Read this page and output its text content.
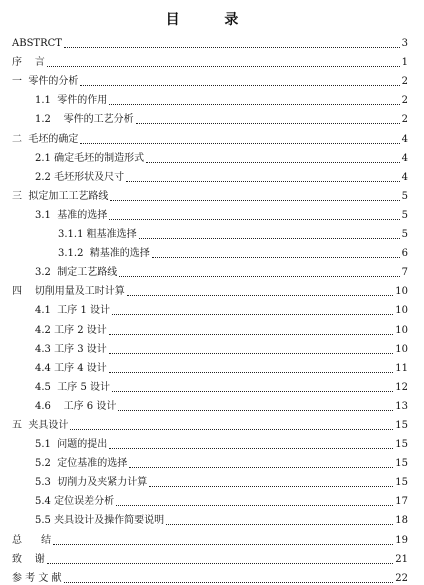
目 录
ABSTRCT	3
序    言	1
一  零件的分析	2
1.1  零件的作用	2
1.2    零件的工艺分析	2
二  毛坯的确定	4
2.1 确定毛坯的制造形式	4
2.2 毛坯形状及尺寸	4
三  拟定加工工艺路线	5
3.1  基准的选择	5
3.1.1 粗基准选择	5
3.1.2  精基准的选择	6
3.2  制定工艺路线	7
四    切削用量及工时计算	10
4.1  工序 1 设计	10
4.2 工序 2 设计	10
4.3 工序 3 设计	10
4.4 工序 4 设计	11
4.5  工序 5 设计	12
4.6    工序 6 设计	13
五  夹具设计	15
5.1  问题的提出	15
5.2  定位基准的选择	15
5.3  切削力及夹紧力计算	15
5.4 定位误差分析	17
5.5 夹具设计及操作简要说明	18
总      结	19
致    谢	21
参 考 文 献	22
